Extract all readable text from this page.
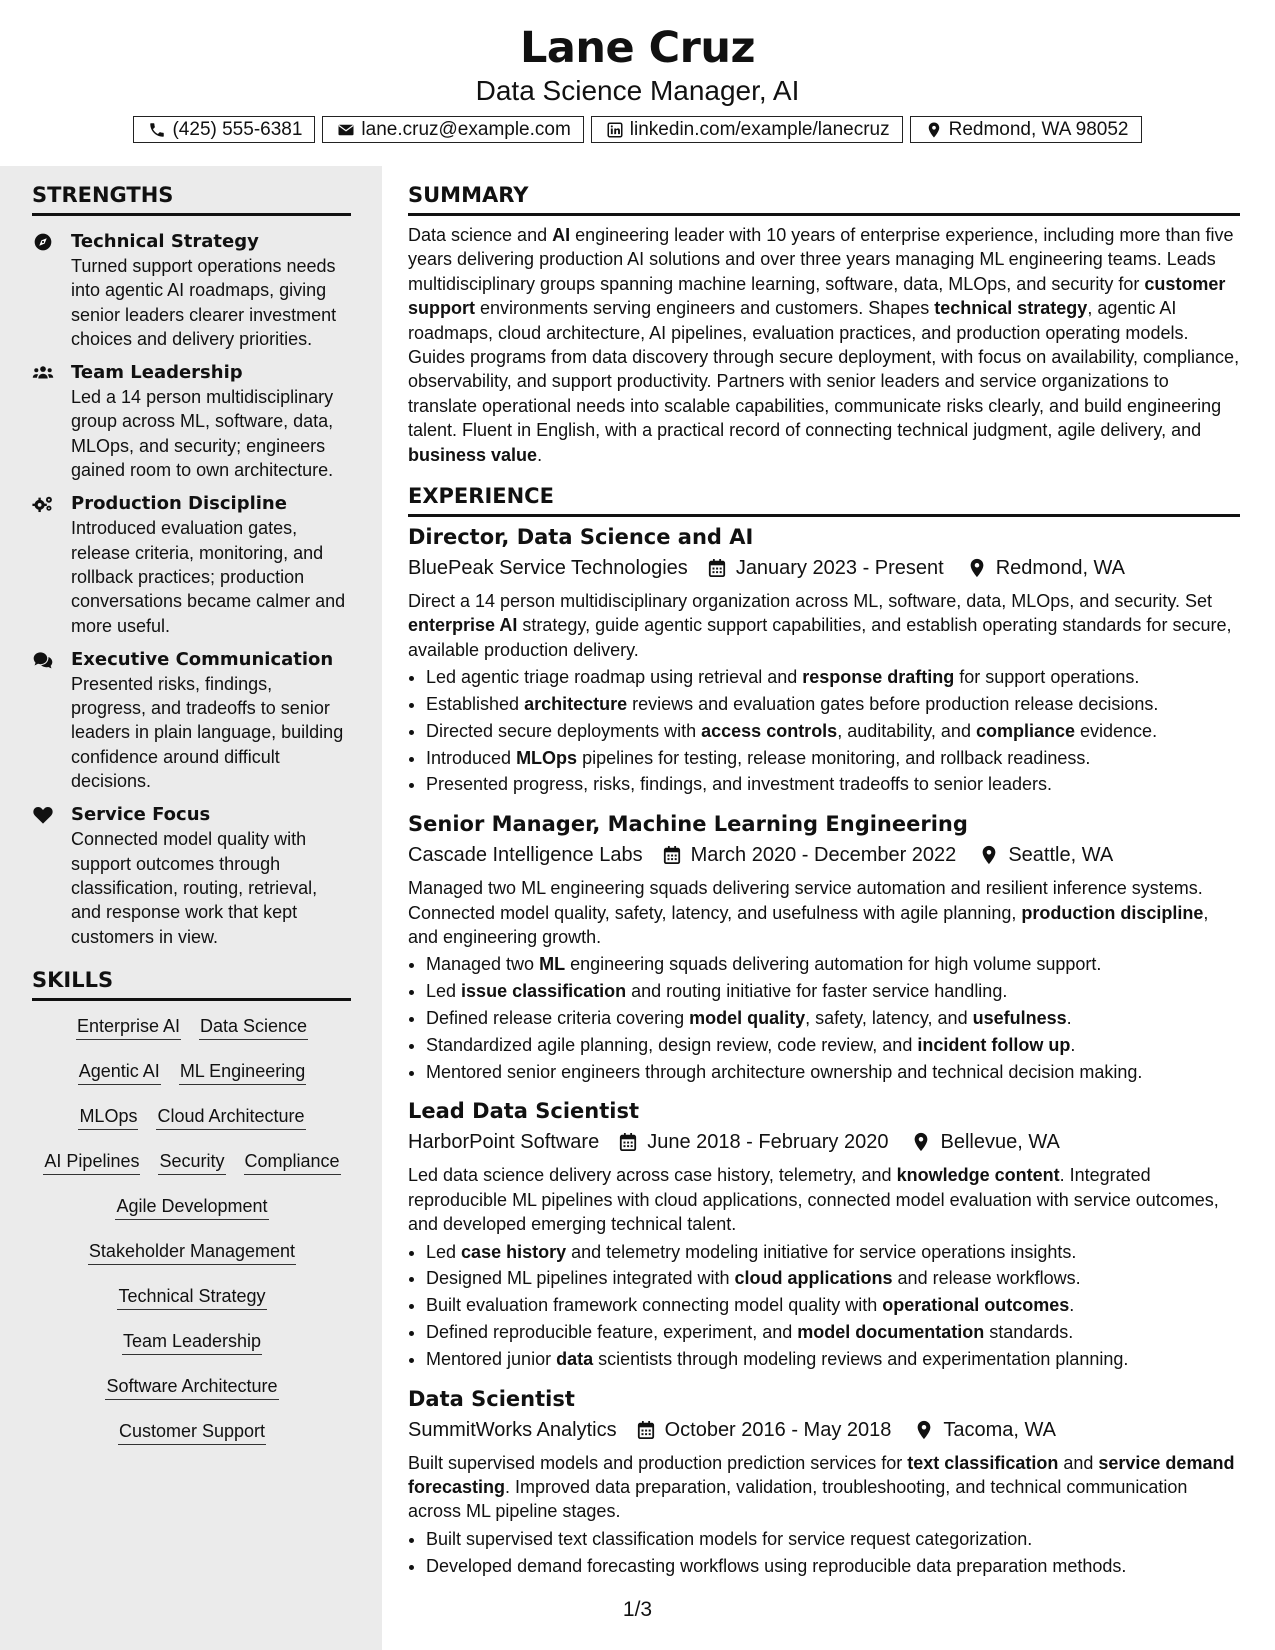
Lane Cruz
Data Science Manager, AI
(425) 555-6381	lane.cruz@example.com	linkedin.com/example/lanecruz	Redmond, WA 98052
STRENGTHS
Technical Strategy
Turned support operations needs into agentic AI roadmaps, giving senior leaders clearer investment choices and delivery priorities.
Team Leadership
Led a 14 person multidisciplinary group across ML, software, data, MLOps, and security; engineers gained room to own architecture.
Production Discipline
Introduced evaluation gates, release criteria, monitoring, and rollback practices; production conversations became calmer and more useful.
Executive Communication
Presented risks, findings, progress, and tradeoffs to senior leaders in plain language, building confidence around difficult decisions.
Service Focus
Connected model quality with support outcomes through classification, routing, retrieval, and response work that kept customers in view.
SKILLS
Enterprise AI Data Science
Agentic AI ML Engineering
MLOps Cloud Architecture
AI Pipelines Security Compliance
Agile Development
Stakeholder Management
Technical Strategy
Team Leadership
Software Architecture
Customer Support
SUMMARY
Data science and AI engineering leader with 10 years of enterprise experience, including more than five years delivering production AI solutions and over three years managing ML engineering teams. Leads multidisciplinary groups spanning machine learning, software, data, MLOps, and security for customer support environments serving engineers and customers. Shapes technical strategy, agentic AI roadmaps, cloud architecture, AI pipelines, evaluation practices, and production operating models. Guides programs from data discovery through secure deployment, with focus on availability, compliance, observability, and support productivity. Partners with senior leaders and service organizations to translate operational needs into scalable capabilities, communicate risks clearly, and build engineering talent. Fluent in English, with a practical record of connecting technical judgment, agile delivery, and business value.
EXPERIENCE
Director, Data Science and AI
BluePeak Service Technologies January 2023 - Present	Redmond, WA
Direct a 14 person multidisciplinary organization across ML, software, data, MLOps, and security. Set enterprise AI strategy, guide agentic support capabilities, and establish operating standards for secure, available production delivery.
• Led agentic triage roadmap using retrieval and response drafting for support operations.
• Established architecture reviews and evaluation gates before production release decisions.
• Directed secure deployments with access controls, auditability, and compliance evidence.
• Introduced MLOps pipelines for testing, release monitoring, and rollback readiness.
• Presented progress, risks, findings, and investment tradeoffs to senior leaders.
Senior Manager, Machine Learning Engineering
Cascade Intelligence Labs March 2020 - December 2022	Seattle, WA
Managed two ML engineering squads delivering service automation and resilient inference systems. Connected model quality, safety, latency, and usefulness with agile planning, production discipline, and engineering growth.
• Managed two ML engineering squads delivering automation for high volume support.
• Led issue classification and routing initiative for faster service handling.
• Defined release criteria covering model quality, safety, latency, and usefulness.
• Standardized agile planning, design review, code review, and incident follow up.
• Mentored senior engineers through architecture ownership and technical decision making.
Lead Data Scientist
HarborPoint Software June 2018 - February 2020	Bellevue, WA
Led data science delivery across case history, telemetry, and knowledge content. Integrated reproducible ML pipelines with cloud applications, connected model evaluation with service outcomes, and developed emerging technical talent.
• Led case history and telemetry modeling initiative for service operations insights.
• Designed ML pipelines integrated with cloud applications and release workflows.
• Built evaluation framework connecting model quality with operational outcomes.
• Defined reproducible feature, experiment, and model documentation standards.
• Mentored junior data scientists through modeling reviews and experimentation planning.
Data Scientist
SummitWorks Analytics October 2016 - May 2018	Tacoma, WA
Built supervised models and production prediction services for text classification and service demand forecasting. Improved data preparation, validation, troubleshooting, and technical communication across ML pipeline stages.
• Built supervised text classification models for service request categorization.
• Developed demand forecasting workflows using reproducible data preparation methods.
1/3
